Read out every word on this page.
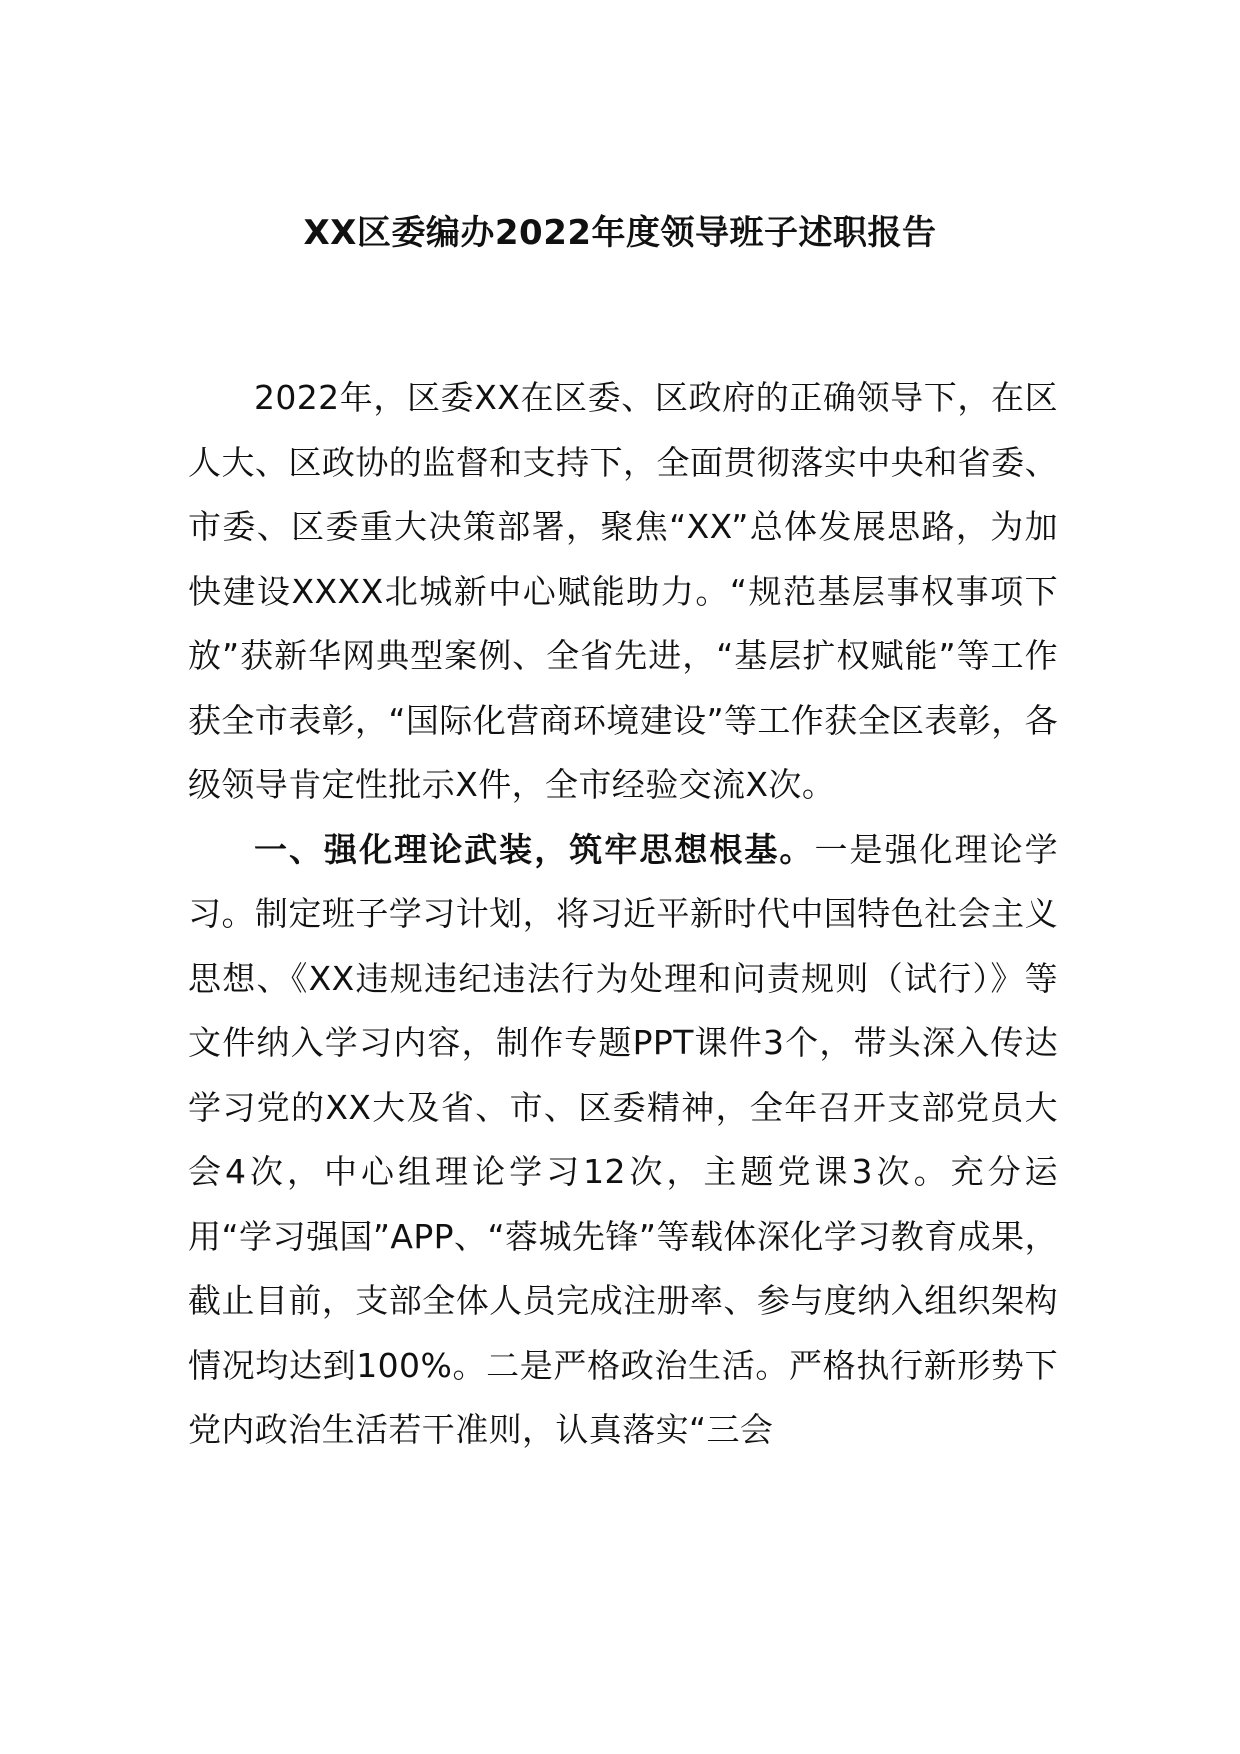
XX区委编办2022年度领导班子述职报告

2022年，区委XX在区委、区政府的正确领导下，在区人大、区政协的监督和支持下，全面贯彻落实中央和省委、市委、区委重大决策部署，聚焦“XX”总体发展思路，为加快建设XXXX北城新中心赋能助力。“规范基层事权事项下放”获新华网典型案例、全省先进，“基层扩权赋能”等工作获全市表彰，“国际化营商环境建设”等工作获全区表彰，各级领导肯定性批示X件，全市经验交流X次。

一、强化理论武装，筑牢思想根基。一是强化理论学习。制定班子学习计划，将习近平新时代中国特色社会主义思想、《XX违规违纪违法行为处理和问责规则（试行）》等文件纳入学习内容，制作专题PPT课件3个，带头深入传达学习党的XX大及省、市、区委精神，全年召开支部党员大会4次，中心组理论学习12次，主题党课3次。充分运用“学习强国”APP、“蓉城先锋”等载体深化学习教育成果，截止目前，支部全体人员完成注册率、参与度纳入组织架构情况均达到100%。二是严格政治生活。严格执行新形势下党内政治生活若干准则，认真落实“三会
